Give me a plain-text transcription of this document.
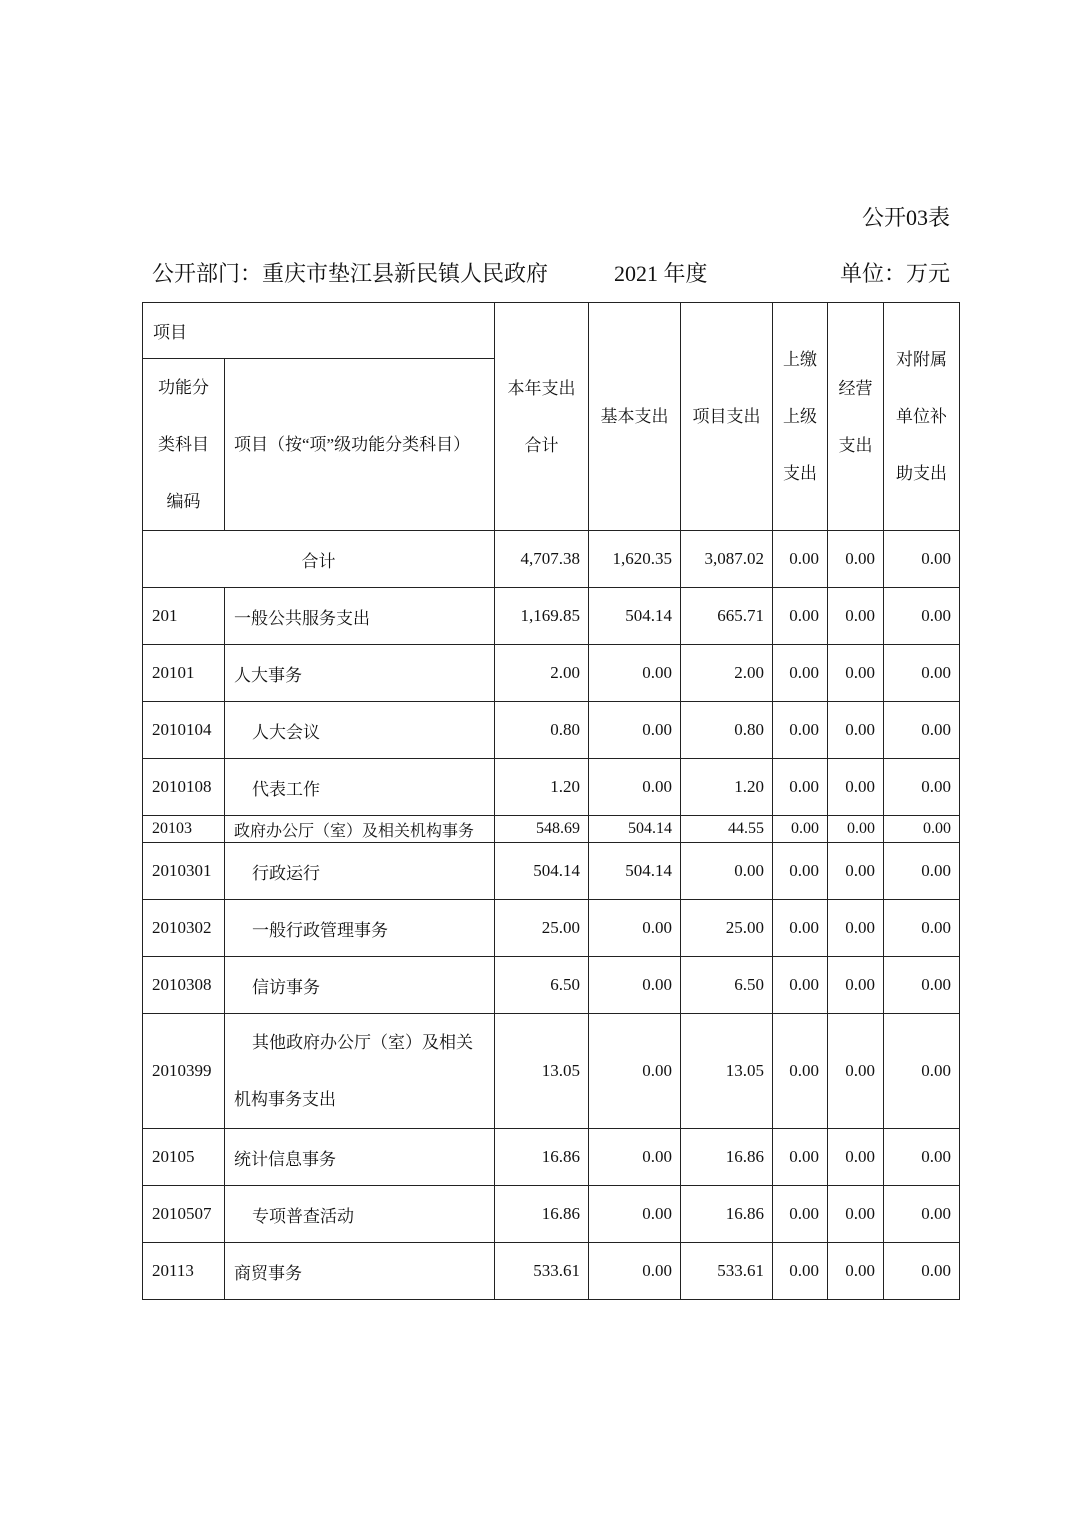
公开03表
公开部门：重庆市垫江县新民镇人民政府	2021 年度	单位：万元
项目		本年支出合计	基本支出	项目支出	上缴上级支出	经营支出	对附属单位补助支出
功能分类科目编码	项目（按“项”级功能分类科目）						
合计		4,707.38	1,620.35	3,087.02	0.00	0.00	0.00
201	一般公共服务支出	1,169.85	504.14	665.71	0.00	0.00	0.00
20101	人大事务	2.00	0.00	2.00	0.00	0.00	0.00
2010104	人大会议	0.80	0.00	0.80	0.00	0.00	0.00
2010108	代表工作	1.20	0.00	1.20	0.00	0.00	0.00
20103	政府办公厅（室）及相关机构事务	548.69	504.14	44.55	0.00	0.00	0.00
2010301	行政运行	504.14	504.14	0.00	0.00	0.00	0.00
2010302	一般行政管理事务	25.00	0.00	25.00	0.00	0.00	0.00
2010308	信访事务	6.50	0.00	6.50	0.00	0.00	0.00
2010399	其他政府办公厅（室）及相关机构事务支出	13.05	0.00	13.05	0.00	0.00	0.00
20105	统计信息事务	16.86	0.00	16.86	0.00	0.00	0.00
2010507	专项普查活动	16.86	0.00	16.86	0.00	0.00	0.00
20113	商贸事务	533.61	0.00	533.61	0.00	0.00	0.00
